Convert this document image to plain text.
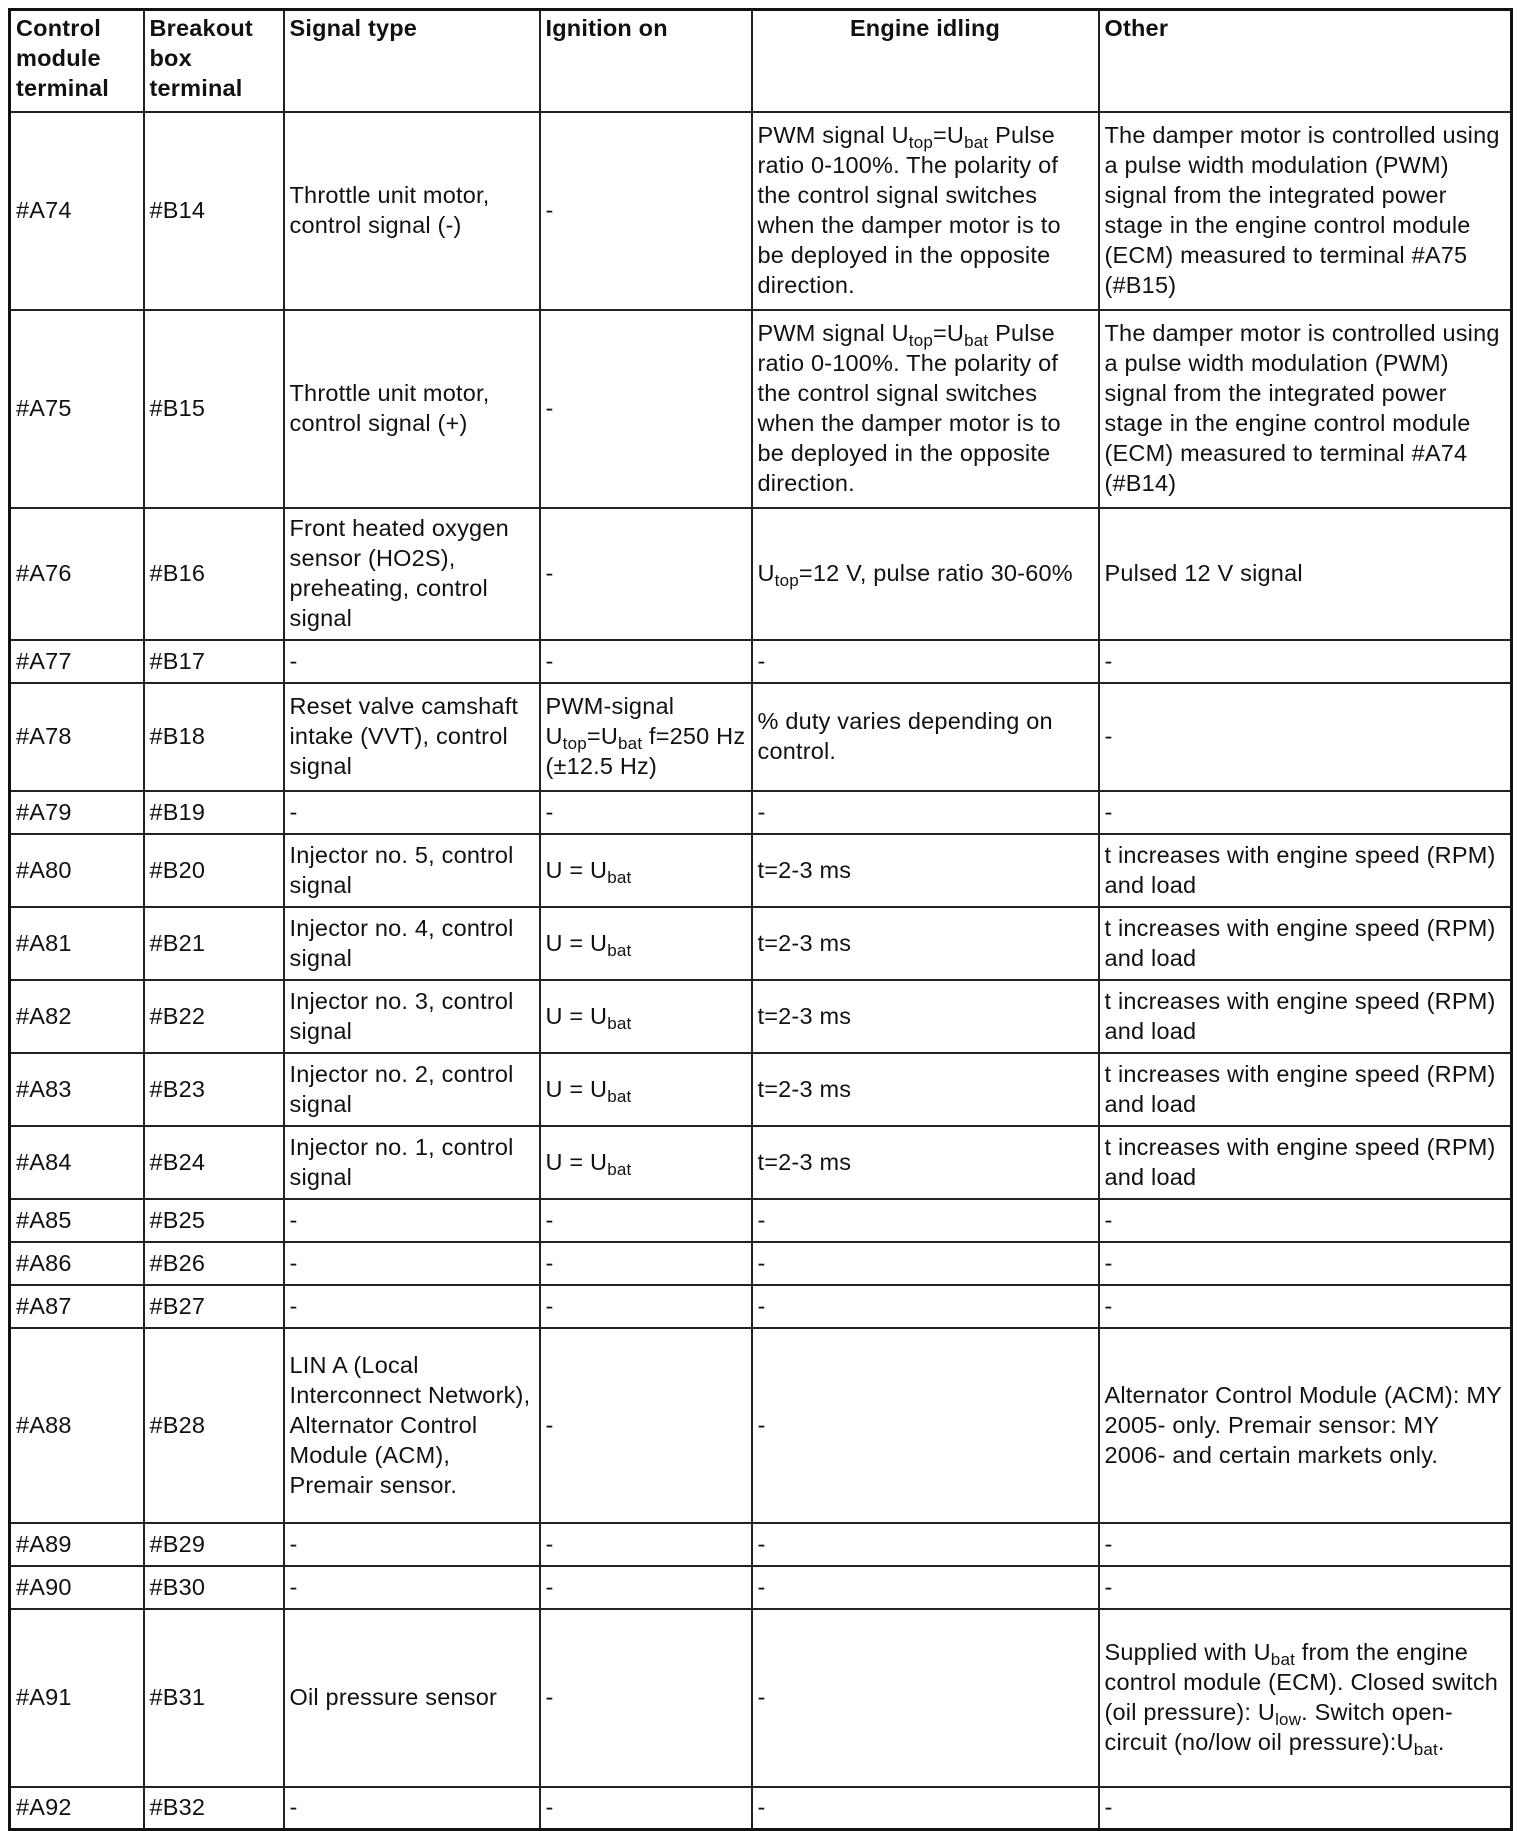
Control module terminal	Breakout box terminal	Signal type	Ignition on	Engine idling	Other
#A74	#B14	Throttle unit motor, control signal (-)	-	PWM signal $U_{top}=U_{bat}$ Pulse ratio 0-100%. The polarity of the control signal switches when the damper motor is to be deployed in the opposite direction.	The damper motor is controlled using a pulse width modulation (PWM) signal from the integrated power stage in the engine control module (ECM) measured to terminal #A75 (#B15)
#A75	#B15	Throttle unit motor, control signal (+)	-	PWM signal $U_{top}=U_{bat}$ Pulse ratio 0-100%. The polarity of the control signal switches when the damper motor is to be deployed in the opposite direction.	The damper motor is controlled using a pulse width modulation (PWM) signal from the integrated power stage in the engine control module (ECM) measured to terminal #A74 (#B14)
#A76	#B16	Front heated oxygen sensor (HO2S), preheating, control signal	-	$U_{top}=12$ V, pulse ratio 30-60%	Pulsed 12 V signal
#A77	#B17	-	-	-	-
#A78	#B18	Reset valve camshaft intake (VVT), control signal	PWM-signal $U_{top}=U_{bat}$ f=250 Hz (±12.5 Hz)	% duty varies depending on control.	-
#A79	#B19	-	-	-	-
#A80	#B20	Injector no. 5, control signal	$U = U_{bat}$	t=2-3 ms	t increases with engine speed (RPM) and load
#A81	#B21	Injector no. 4, control signal	$U = U_{bat}$	t=2-3 ms	t increases with engine speed (RPM) and load
#A82	#B22	Injector no. 3, control signal	$U = U_{bat}$	t=2-3 ms	t increases with engine speed (RPM) and load
#A83	#B23	Injector no. 2, control signal	$U = U_{bat}$	t=2-3 ms	t increases with engine speed (RPM) and load
#A84	#B24	Injector no. 1, control signal	$U = U_{bat}$	t=2-3 ms	t increases with engine speed (RPM) and load
#A85	#B25	-	-	-	-
#A86	#B26	-	-	-	-
#A87	#B27	-	-	-	-
#A88	#B28	LIN A (Local Interconnect Network), Alternator Control Module (ACM), Premair sensor.	-	-	Alternator Control Module (ACM): MY 2005- only. Premair sensor: MY 2006- and certain markets only.
#A89	#B29	-	-	-	-
#A90	#B30	-	-	-	-
#A91	#B31	Oil pressure sensor	-	-	Supplied with $U_{bat}$ from the engine control module (ECM). Closed switch (oil pressure): $U_{low}$. Switch open-circuit (no/low oil $pressure):U_{bat}$.
#A92	#B32	-	-	-	-
